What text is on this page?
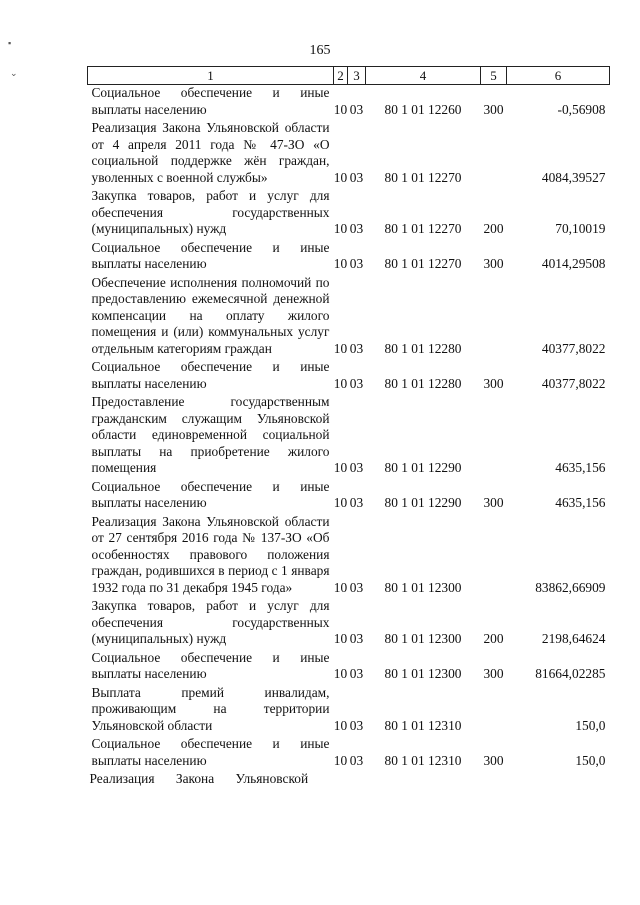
▪
⌄
165
1	2	3	4	5	6
Социальное обеспечение и иные выплаты населению	10	03	80 1 01 12260	300	-0,56908
Реализация Закона Ульяновской области от 4 апреля 2011 года № 47-ЗО «О социальной поддержке жён граждан, уволенных с военной службы»	10	03	80 1 01 12270		4084,39527
Закупка товаров, работ и услуг для обеспечения государственных (муниципальных) нужд	10	03	80 1 01 12270	200	70,10019
Социальное обеспечение и иные выплаты населению	10	03	80 1 01 12270	300	4014,29508
Обеспечение исполнения полномочий по предоставлению ежемесячной денежной компенсации на оплату жилого помещения и (или) коммунальных услуг отдельным категориям граждан	10	03	80 1 01 12280		40377,8022
Социальное обеспечение и иные выплаты населению	10	03	80 1 01 12280	300	40377,8022
Предоставление государственным гражданским служащим Ульяновской области единовременной социальной выплаты на приобретение жилого помещения	10	03	80 1 01 12290		4635,156
Социальное обеспечение и иные выплаты населению	10	03	80 1 01 12290	300	4635,156
Реализация Закона Ульяновской области от 27 сентября 2016 года № 137-ЗО «Об особенностях правового положения граждан, родившихся в период с 1 января 1932 года по 31 декабря 1945 года»	10	03	80 1 01 12300		83862,66909
Закупка товаров, работ и услуг для обеспечения государственных (муниципальных) нужд	10	03	80 1 01 12300	200	2198,64624
Социальное обеспечение и иные выплаты населению	10	03	80 1 01 12300	300	81664,02285
Выплата премий инвалидам, проживающим на территории Ульяновской области	10	03	80 1 01 12310		150,0
Социальное обеспечение и иные выплаты населению	10	03	80 1 01 12310	300	150,0
Реализация Закона Ульяновской					
